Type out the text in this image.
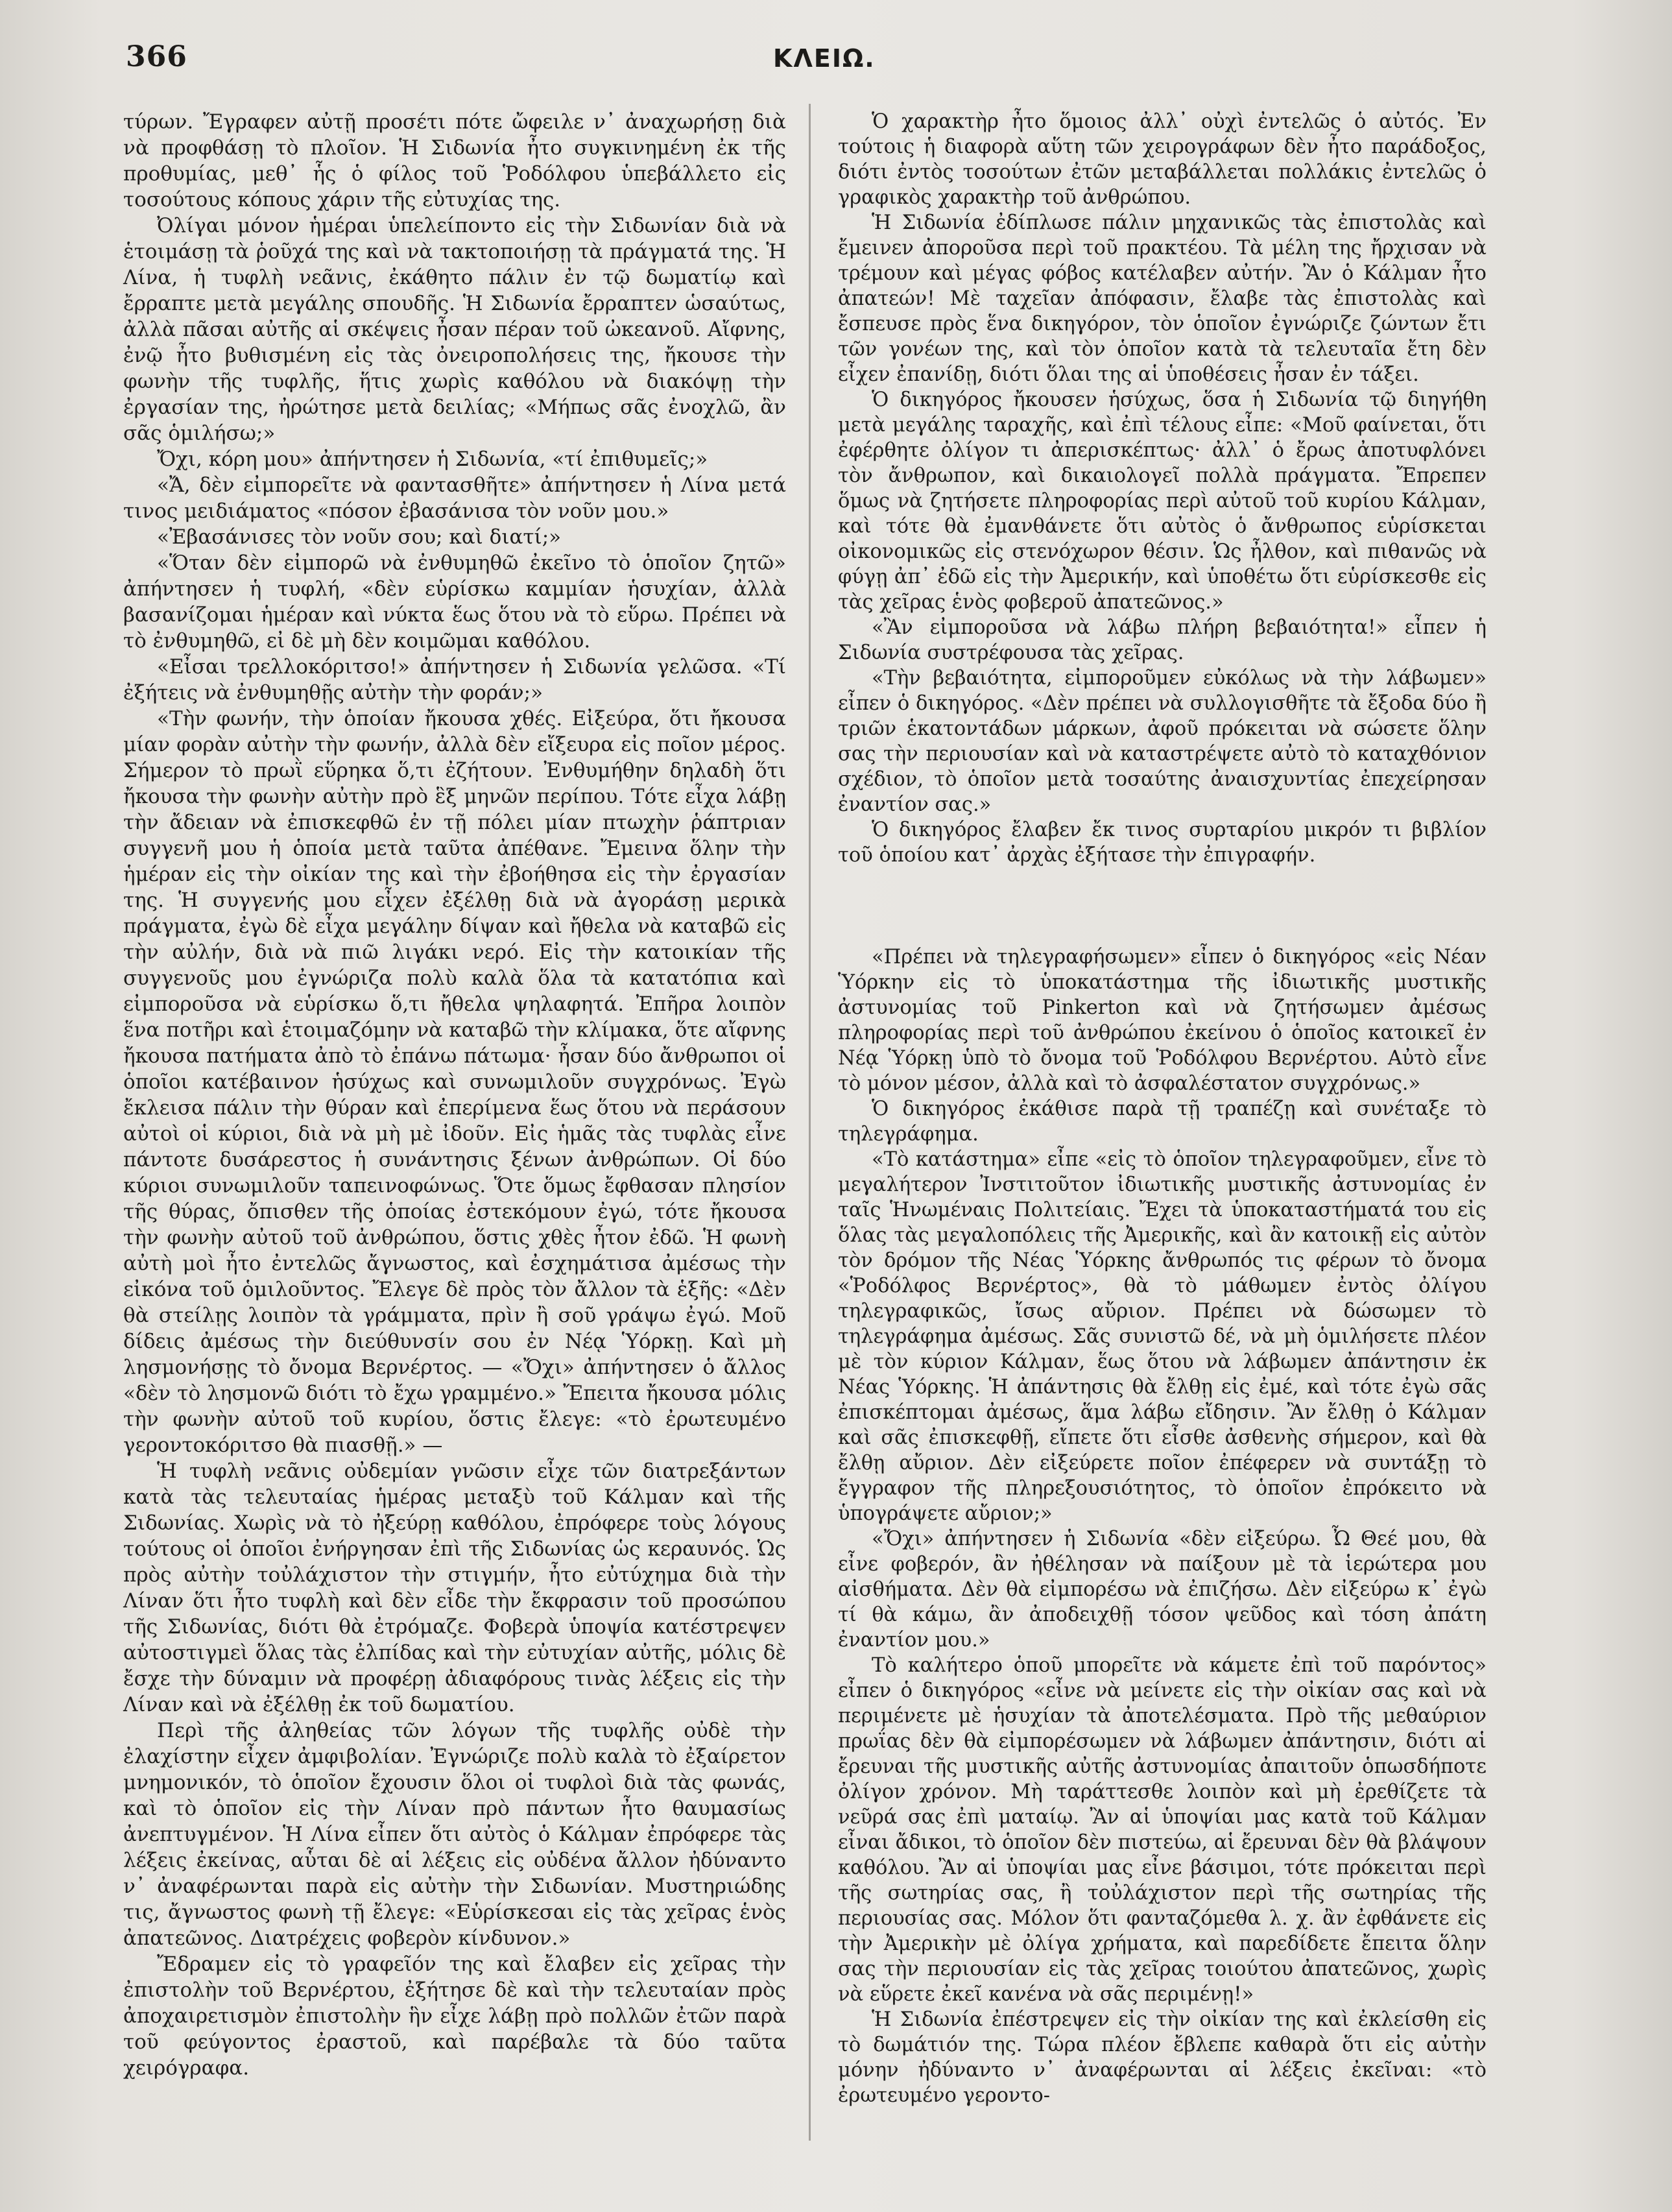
366	ΚΛΕΙΩ.

τύρων. Ἔγραφεν αὐτῇ προσέτι πότε ὤφειλε ν᾽ ἀναχωρήσῃ διὰ νὰ προφθάσῃ τὸ πλοῖον. Ἡ Σιδωνία ἦτο συγκινημένη ἐκ τῆς προθυμίας, μεθ᾽ ἧς ὁ φίλος τοῦ Ῥοδόλφου ὑπεβάλλετο εἰς τοσούτους κόπους χάριν τῆς εὐτυχίας της.

Ὀλίγαι μόνον ἡμέραι ὑπελείποντο εἰς τὴν Σιδωνίαν διὰ νὰ ἑτοιμάσῃ τὰ ῥοῦχά της καὶ νὰ τακτοποιήσῃ τὰ πράγματά της. Ἡ Λίνα, ἡ τυφλὴ νεᾶνις, ἐκάθητο πάλιν ἐν τῷ δωματίῳ καὶ ἔρραπτε μετὰ μεγάλης σπουδῆς. Ἡ Σιδωνία ἔρραπτεν ὡσαύτως, ἀλλὰ πᾶσαι αὐτῆς αἱ σκέψεις ἦσαν πέραν τοῦ ὠκεανοῦ. Αἴφνης, ἐνῷ ἦτο βυθισμένη εἰς τὰς ὀνειροπολήσεις της, ἤκουσε τὴν φωνὴν τῆς τυφλῆς, ἥτις χωρὶς καθόλου νὰ διακόψῃ τὴν ἐργασίαν της, ἠρώτησε μετὰ δειλίας; «Μήπως σᾶς ἐνοχλῶ, ἂν σᾶς ὁμιλήσω;»

Ὄχι, κόρη μου» ἀπήντησεν ἡ Σιδωνία, «τί ἐπιθυμεῖς;»

«Ἄ, δὲν εἰμπορεῖτε νὰ φαντασθῆτε» ἀπήντησεν ἡ Λίνα μετά τινος μειδιάματος «πόσον ἐβασάνισα τὸν νοῦν μου.»

«Ἐβασάνισες τὸν νοῦν σου; καὶ διατί;»

«Ὅταν δὲν εἰμπορῶ νὰ ἐνθυμηθῶ ἐκεῖνο τὸ ὁποῖον ζητῶ» ἀπήντησεν ἡ τυφλή, «δὲν εὑρίσκω καμμίαν ἡσυχίαν, ἀλλὰ βασανίζομαι ἡμέραν καὶ νύκτα ἕως ὅτου νὰ τὸ εὕρω. Πρέπει νὰ τὸ ἐνθυμηθῶ, εἰ δὲ μὴ δὲν κοιμῶμαι καθόλου.

«Εἶσαι τρελλοκόριτσο!» ἀπήντησεν ἡ Σιδωνία γελῶσα. «Τί ἐξήτεις νὰ ἐνθυμηθῇς αὐτὴν τὴν φοράν;»

«Τὴν φωνήν, τὴν ὁποίαν ἤκουσα χθές. Εἰξεύρα, ὅτι ἤκουσα μίαν φορὰν αὐτὴν τὴν φωνήν, ἀλλὰ δὲν εἴξευρα εἰς ποῖον μέρος. Σήμερον τὸ πρωῒ εὕρηκα ὅ,τι ἐζήτουν. Ἐνθυμήθην δηλαδὴ ὅτι ἤκουσα τὴν φωνὴν αὐτὴν πρὸ ἓξ μηνῶν περίπου. Τότε εἶχα λάβῃ τὴν ἄδειαν νὰ ἐπισκεφθῶ ἐν τῇ πόλει μίαν πτωχὴν ῥάπτριαν συγγενῆ μου ἡ ὁποία μετὰ ταῦτα ἀπέθανε. Ἔμεινα ὅλην τὴν ἡμέραν εἰς τὴν οἰκίαν της καὶ τὴν ἐβοήθησα εἰς τὴν ἐργασίαν της. Ἡ συγγενής μου εἶχεν ἐξέλθῃ διὰ νὰ ἀγοράσῃ μερικὰ πράγματα, ἐγὼ δὲ εἶχα μεγάλην δίψαν καὶ ἤθελα νὰ καταβῶ εἰς τὴν αὐλήν, διὰ νὰ πιῶ λιγάκι νερό. Εἰς τὴν κατοικίαν τῆς συγγενοῦς μου ἐγνώριζα πολὺ καλὰ ὅλα τὰ κατατόπια καὶ εἰμποροῦσα νὰ εὑρίσκω ὅ,τι ἤθελα ψηλαφητά. Ἐπῆρα λοιπὸν ἕνα ποτῆρι καὶ ἑτοιμαζόμην νὰ καταβῶ τὴν κλίμακα, ὅτε αἴφνης ἤκουσα πατήματα ἀπὸ τὸ ἐπάνω πάτωμα· ἦσαν δύο ἄνθρωποι οἱ ὁποῖοι κατέβαινον ἡσύχως καὶ συνωμιλοῦν συγχρόνως. Ἐγὼ ἔκλεισα πάλιν τὴν θύραν καὶ ἐπερίμενα ἕως ὅτου νὰ περάσουν αὐτοὶ οἱ κύριοι, διὰ νὰ μὴ μὲ ἰδοῦν. Εἰς ἡμᾶς τὰς τυφλὰς εἶνε πάντοτε δυσάρεστος ἡ συνάντησις ξένων ἀνθρώπων. Οἱ δύο κύριοι συνωμιλοῦν ταπεινοφώνως. Ὅτε ὅμως ἔφθασαν πλησίον τῆς θύρας, ὄπισθεν τῆς ὁποίας ἐστεκόμουν ἐγώ, τότε ἤκουσα τὴν φωνὴν αὐτοῦ τοῦ ἀνθρώπου, ὅστις χθὲς ἦτον ἐδῶ. Ἡ φωνὴ αὐτὴ μοὶ ἦτο ἐντελῶς ἄγνωστος, καὶ ἐσχημάτισα ἀμέσως τὴν εἰκόνα τοῦ ὁμιλοῦντος. Ἔλεγε δὲ πρὸς τὸν ἄλλον τὰ ἑξῆς: «Δὲν θὰ στείλῃς λοιπὸν τὰ γράμματα, πρὶν ἢ σοῦ γράψω ἐγώ. Μοῦ δίδεις ἀμέσως τὴν διεύθυνσίν σου ἐν Νέᾳ Ὑόρκῃ. Καὶ μὴ λησμονήσῃς τὸ ὄνομα Βερνέρτος. — «Ὄχι» ἀπήντησεν ὁ ἄλλος «δὲν τὸ λησμονῶ διότι τὸ ἔχω γραμμένο.» Ἔπειτα ἤκουσα μόλις τὴν φωνὴν αὐτοῦ τοῦ κυρίου, ὅστις ἔλεγε: «τὸ ἐρωτευμένο γεροντοκόριτσο θὰ πιασθῇ.» —

Ἡ τυφλὴ νεᾶνις οὐδεμίαν γνῶσιν εἶχε τῶν διατρεξάντων κατὰ τὰς τελευταίας ἡμέρας μεταξὺ τοῦ Κάλμαν καὶ τῆς Σιδωνίας. Χωρὶς νὰ τὸ ἠξεύρῃ καθόλου, ἐπρόφερε τοὺς λόγους τούτους οἱ ὁποῖοι ἐνήργησαν ἐπὶ τῆς Σιδωνίας ὡς κεραυνός. Ὡς πρὸς αὐτὴν τοὐλάχιστον τὴν στιγμήν, ἦτο εὐτύχημα διὰ τὴν Λίναν ὅτι ἦτο τυφλὴ καὶ δὲν εἶδε τὴν ἔκφρασιν τοῦ προσώπου τῆς Σιδωνίας, διότι θὰ ἐτρόμαζε. Φοβερὰ ὑποψία κατέστρεψεν αὐτοστιγμεὶ ὅλας τὰς ἐλπίδας καὶ τὴν εὐτυχίαν αὐτῆς, μόλις δὲ ἔσχε τὴν δύναμιν νὰ προφέρῃ ἀδιαφόρους τινὰς λέξεις εἰς τὴν Λίναν καὶ νὰ ἐξέλθῃ ἐκ τοῦ δωματίου.

Περὶ τῆς ἀληθείας τῶν λόγων τῆς τυφλῆς οὐδὲ τὴν ἐλαχίστην εἶχεν ἀμφιβολίαν. Ἐγνώριζε πολὺ καλὰ τὸ ἐξαίρετον μνημονικόν, τὸ ὁποῖον ἔχουσιν ὅλοι οἱ τυφλοὶ διὰ τὰς φωνάς, καὶ τὸ ὁποῖον εἰς τὴν Λίναν πρὸ πάντων ἦτο θαυμασίως ἀνεπτυγμένον. Ἡ Λίνα εἶπεν ὅτι αὐτὸς ὁ Κάλμαν ἐπρόφερε τὰς λέξεις ἐκείνας, αὗται δὲ αἱ λέξεις εἰς οὐδένα ἄλλον ἠδύναντο ν᾽ ἀναφέρωνται παρὰ εἰς αὐτὴν τὴν Σιδωνίαν. Μυστηριώδης τις, ἄγνωστος φωνὴ τῇ ἔλεγε: «Εὑρίσκεσαι εἰς τὰς χεῖρας ἑνὸς ἀπατεῶνος. Διατρέχεις φοβερὸν κίνδυνον.»

Ἔδραμεν εἰς τὸ γραφεῖόν της καὶ ἔλαβεν εἰς χεῖρας τὴν ἐπιστολὴν τοῦ Βερνέρτου, ἐξήτησε δὲ καὶ τὴν τελευταίαν πρὸς ἀποχαιρετισμὸν ἐπιστολὴν ἣν εἶχε λάβῃ πρὸ πολλῶν ἐτῶν παρὰ τοῦ φεύγοντος ἐραστοῦ, καὶ παρέβαλε τὰ δύο ταῦτα χειρόγραφα.

Ὁ χαρακτὴρ ἦτο ὅμοιος ἀλλ᾽ οὐχὶ ἐντελῶς ὁ αὐτός. Ἐν τούτοις ἡ διαφορὰ αὕτη τῶν χειρογράφων δὲν ἦτο παράδοξος, διότι ἐντὸς τοσούτων ἐτῶν μεταβάλλεται πολλάκις ἐντελῶς ὁ γραφικὸς χαρακτὴρ τοῦ ἀνθρώπου.

Ἡ Σιδωνία ἐδίπλωσε πάλιν μηχανικῶς τὰς ἐπιστολὰς καὶ ἔμεινεν ἀποροῦσα περὶ τοῦ πρακτέου. Τὰ μέλη της ἤρχισαν νὰ τρέμουν καὶ μέγας φόβος κατέλαβεν αὐτήν. Ἂν ὁ Κάλμαν ἦτο ἀπατεών! Μὲ ταχεῖαν ἀπόφασιν, ἔλαβε τὰς ἐπιστολὰς καὶ ἔσπευσε πρὸς ἕνα δικηγόρον, τὸν ὁποῖον ἐγνώριζε ζώντων ἔτι τῶν γονέων της, καὶ τὸν ὁποῖον κατὰ τὰ τελευταῖα ἔτη δὲν εἶχεν ἐπανίδῃ, διότι ὅλαι της αἱ ὑποθέσεις ἦσαν ἐν τάξει.

Ὁ δικηγόρος ἤκουσεν ἡσύχως, ὅσα ἡ Σιδωνία τῷ διηγήθη μετὰ μεγάλης ταραχῆς, καὶ ἐπὶ τέλους εἶπε: «Μοῦ φαίνεται, ὅτι ἐφέρθητε ὀλίγον τι ἀπερισκέπτως· ἀλλ᾽ ὁ ἔρως ἀποτυφλόνει τὸν ἄνθρωπον, καὶ δικαιολογεῖ πολλὰ πράγματα. Ἔπρεπεν ὅμως νὰ ζητήσετε πληροφορίας περὶ αὐτοῦ τοῦ κυρίου Κάλμαν, καὶ τότε θὰ ἐμανθάνετε ὅτι αὐτὸς ὁ ἄνθρωπος εὑρίσκεται οἰκονομικῶς εἰς στενόχωρον θέσιν. Ὡς ἦλθον, καὶ πιθανῶς νὰ φύγῃ ἀπ᾽ ἐδῶ εἰς τὴν Ἀμερικήν, καὶ ὑποθέτω ὅτι εὑρίσκεσθε εἰς τὰς χεῖρας ἑνὸς φοβεροῦ ἀπατεῶνος.»

«Ἂν εἰμποροῦσα νὰ λάβω πλήρη βεβαιότητα!» εἶπεν ἡ Σιδωνία συστρέφουσα τὰς χεῖρας.

«Τὴν βεβαιότητα, εἰμποροῦμεν εὐκόλως νὰ τὴν λάβωμεν» εἶπεν ὁ δικηγόρος. «Δὲν πρέπει νὰ συλλογισθῆτε τὰ ἔξοδα δύο ἢ τριῶν ἑκατοντάδων μάρκων, ἀφοῦ πρόκειται νὰ σώσετε ὅλην σας τὴν περιουσίαν καὶ νὰ καταστρέψετε αὐτὸ τὸ καταχθόνιον σχέδιον, τὸ ὁποῖον μετὰ τοσαύτης ἀναισχυντίας ἐπεχείρησαν ἐναντίον σας.»

Ὁ δικηγόρος ἔλαβεν ἔκ τινος συρταρίου μικρόν τι βιβλίον τοῦ ὁποίου κατ᾽ ἀρχὰς ἐξήτασε τὴν ἐπιγραφήν.

«Πρέπει νὰ τηλεγραφήσωμεν» εἶπεν ὁ δικηγόρος «εἰς Νέαν Ὑόρκην εἰς τὸ ὑποκατάστημα τῆς ἰδιωτικῆς μυστικῆς ἀστυνομίας τοῦ Pinkerton καὶ νὰ ζητήσωμεν ἀμέσως πληροφορίας περὶ τοῦ ἀνθρώπου ἐκείνου ὁ ὁποῖος κατοικεῖ ἐν Νέᾳ Ὑόρκῃ ὑπὸ τὸ ὄνομα τοῦ Ῥοδόλφου Βερνέρτου. Αὐτὸ εἶνε τὸ μόνον μέσον, ἀλλὰ καὶ τὸ ἀσφαλέστατον συγχρόνως.»

Ὁ δικηγόρος ἐκάθισε παρὰ τῇ τραπέζῃ καὶ συνέταξε τὸ τηλεγράφημα.

«Τὸ κατάστημα» εἶπε «εἰς τὸ ὁποῖον τηλεγραφοῦμεν, εἶνε τὸ μεγαλήτερον Ἰνστιτοῦτον ἰδιωτικῆς μυστικῆς ἀστυνομίας ἐν ταῖς Ἡνωμέναις Πολιτείαις. Ἔχει τὰ ὑποκαταστήματά του εἰς ὅλας τὰς μεγαλοπόλεις τῆς Ἀμερικῆς, καὶ ἂν κατοικῇ εἰς αὐτὸν τὸν δρόμον τῆς Νέας Ὑόρκης ἄνθρωπός τις φέρων τὸ ὄνομα «Ῥοδόλφος Βερνέρτος», θὰ τὸ μάθωμεν ἐντὸς ὀλίγου τηλεγραφικῶς, ἴσως αὔριον. Πρέπει νὰ δώσωμεν τὸ τηλεγράφημα ἀμέσως. Σᾶς συνιστῶ δέ, νὰ μὴ ὁμιλήσετε πλέον μὲ τὸν κύριον Κάλμαν, ἕως ὅτου νὰ λάβωμεν ἀπάντησιν ἐκ Νέας Ὑόρκης. Ἡ ἀπάντησις θὰ ἔλθῃ εἰς ἐμέ, καὶ τότε ἐγὼ σᾶς ἐπισκέπτομαι ἀμέσως, ἅμα λάβω εἴδησιν. Ἂν ἔλθῃ ὁ Κάλμαν καὶ σᾶς ἐπισκεφθῇ, εἴπετε ὅτι εἶσθε ἀσθενὴς σήμερον, καὶ θὰ ἔλθῃ αὔριον. Δὲν εἰξεύρετε ποῖον ἐπέφερεν νὰ συντάξῃ τὸ ἔγγραφον τῆς πληρεξουσιότητος, τὸ ὁποῖον ἐπρόκειτο νὰ ὑπογράψετε αὔριον;»

«Ὄχι» ἀπήντησεν ἡ Σιδωνία «δὲν εἰξεύρω. Ὦ Θεέ μου, θὰ εἶνε φοβερόν, ἂν ἠθέλησαν νὰ παίξουν μὲ τὰ ἱερώτερα μου αἰσθήματα. Δὲν θὰ εἰμπορέσω νὰ ἐπιζήσω. Δὲν εἰξεύρω κ᾽ ἐγὼ τί θὰ κάμω, ἂν ἀποδειχθῇ τόσον ψεῦδος καὶ τόση ἀπάτη ἐναντίον μου.»

Τὸ καλήτερο ὁποῦ μπορεῖτε νὰ κάμετε ἐπὶ τοῦ παρόντος» εἶπεν ὁ δικηγόρος «εἶνε νὰ μείνετε εἰς τὴν οἰκίαν σας καὶ νὰ περιμένετε μὲ ἡσυχίαν τὰ ἀποτελέσματα. Πρὸ τῆς μεθαύριον πρωΐας δὲν θὰ εἰμπορέσωμεν νὰ λάβωμεν ἀπάντησιν, διότι αἱ ἔρευναι τῆς μυστικῆς αὐτῆς ἀστυνομίας ἀπαιτοῦν ὁπωσδήποτε ὀλίγον χρόνον. Μὴ ταράττεσθε λοιπὸν καὶ μὴ ἐρεθίζετε τὰ νεῦρά σας ἐπὶ ματαίῳ. Ἂν αἱ ὑποψίαι μας κατὰ τοῦ Κάλμαν εἶναι ἄδικοι, τὸ ὁποῖον δὲν πιστεύω, αἱ ἔρευναι δὲν θὰ βλάψουν καθόλου. Ἂν αἱ ὑποψίαι μας εἶνε βάσιμοι, τότε πρόκειται περὶ τῆς σωτηρίας σας, ἢ τοὐλάχιστον περὶ τῆς σωτηρίας τῆς περιουσίας σας. Μόλον ὅτι φανταζόμεθα λ. χ. ἂν ἐφθάνετε εἰς τὴν Ἀμερικὴν μὲ ὀλίγα χρήματα, καὶ παρεδίδετε ἔπειτα ὅλην σας τὴν περιουσίαν εἰς τὰς χεῖρας τοιούτου ἀπατεῶνος, χωρὶς νὰ εὕρετε ἐκεῖ κανένα νὰ σᾶς περιμένῃ!»

Ἡ Σιδωνία ἐπέστρεψεν εἰς τὴν οἰκίαν της καὶ ἐκλείσθη εἰς τὸ δωμάτιόν της. Τώρα πλέον ἔβλεπε καθαρὰ ὅτι εἰς αὐτὴν μόνην ἠδύναντο ν᾽ ἀναφέρωνται αἱ λέξεις ἐκεῖναι: «τὸ ἐρωτευμένο γεροντο-
